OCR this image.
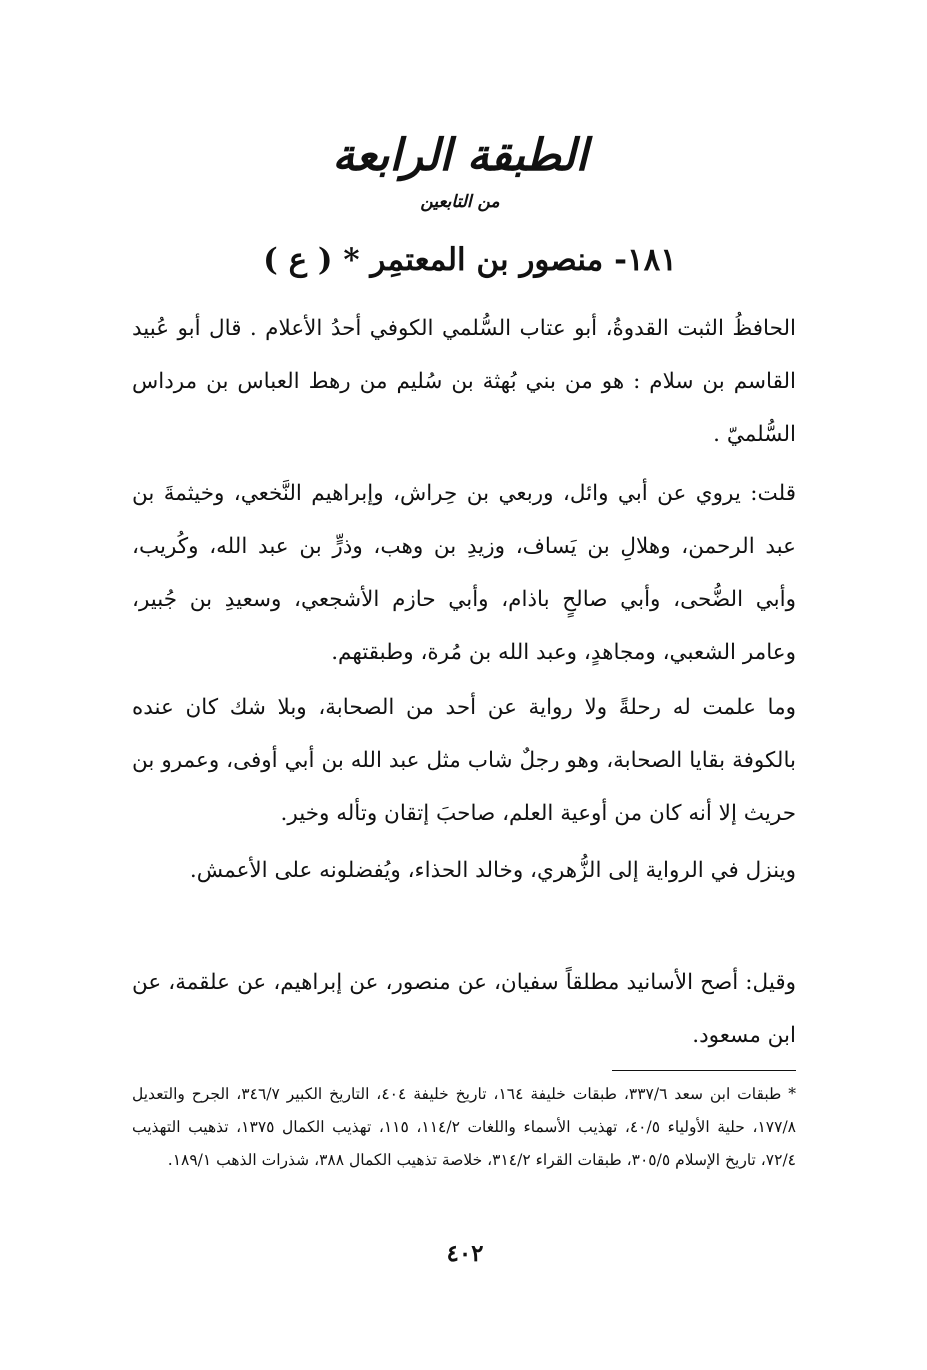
الطبقة الرابعة
من التابعين
١٨١- منصور بن المعتمِر * ( ع )
الحافظُ الثبت القدوةُ، أبو عتاب السُّلمي الكوفي أحدُ الأعلام . قال أبو عُبيد القاسم بن سلام : هو من بني بُهثة بن سُليم من رهط العباس بن مرداس السُّلميّ .
قلت: يروي عن أبي وائل، وربعي بن حِراش، وإبراهيم النَّخعي، وخيثمةَ بن عبد الرحمن، وهلالِ بن يَساف، وزيدِ بن وهب، وذرٍّ بن عبد الله، وكُريب، وأبي الضُّحى، وأبي صالحٍ باذام، وأبي حازم الأشجعي، وسعيدِ بن جُبير، وعامر الشعبي، ومجاهدٍ، وعبد الله بن مُرة، وطبقتهم.
وما علمت له رحلةً ولا رواية عن أحد من الصحابة، وبلا شك كان عنده بالكوفة بقايا الصحابة، وهو رجلٌ شاب مثل عبد الله بن أبي أوفى، وعمرو بن حريث إلا أنه كان من أوعية العلم، صاحبَ إتقان وتأله وخير.
وينزل في الرواية إلى الزُّهري، وخالد الحذاء، ويُفضلونه على الأعمش.
وقيل: أصح الأسانيد مطلقاً سفيان، عن منصور، عن إبراهيم، عن علقمة، عن ابن مسعود.
* طبقات ابن سعد ٣٣٧/٦، طبقات خليفة ١٦٤، تاريخ خليفة ٤٠٤، التاريخ الكبير ٣٤٦/٧، الجرح والتعديل ١٧٧/٨، حلية الأولياء ٤٠/٥، تهذيب الأسماء واللغات ١١٤/٢، ١١٥، تهذيب الكمال ١٣٧٥، تذهيب التهذيب ٧٢/٤، تاريخ الإسلام ٣٠٥/٥، طبقات القراء ٣١٤/٢، خلاصة تذهيب الكمال ٣٨٨، شذرات الذهب ١٨٩/١.
٤٠٢
